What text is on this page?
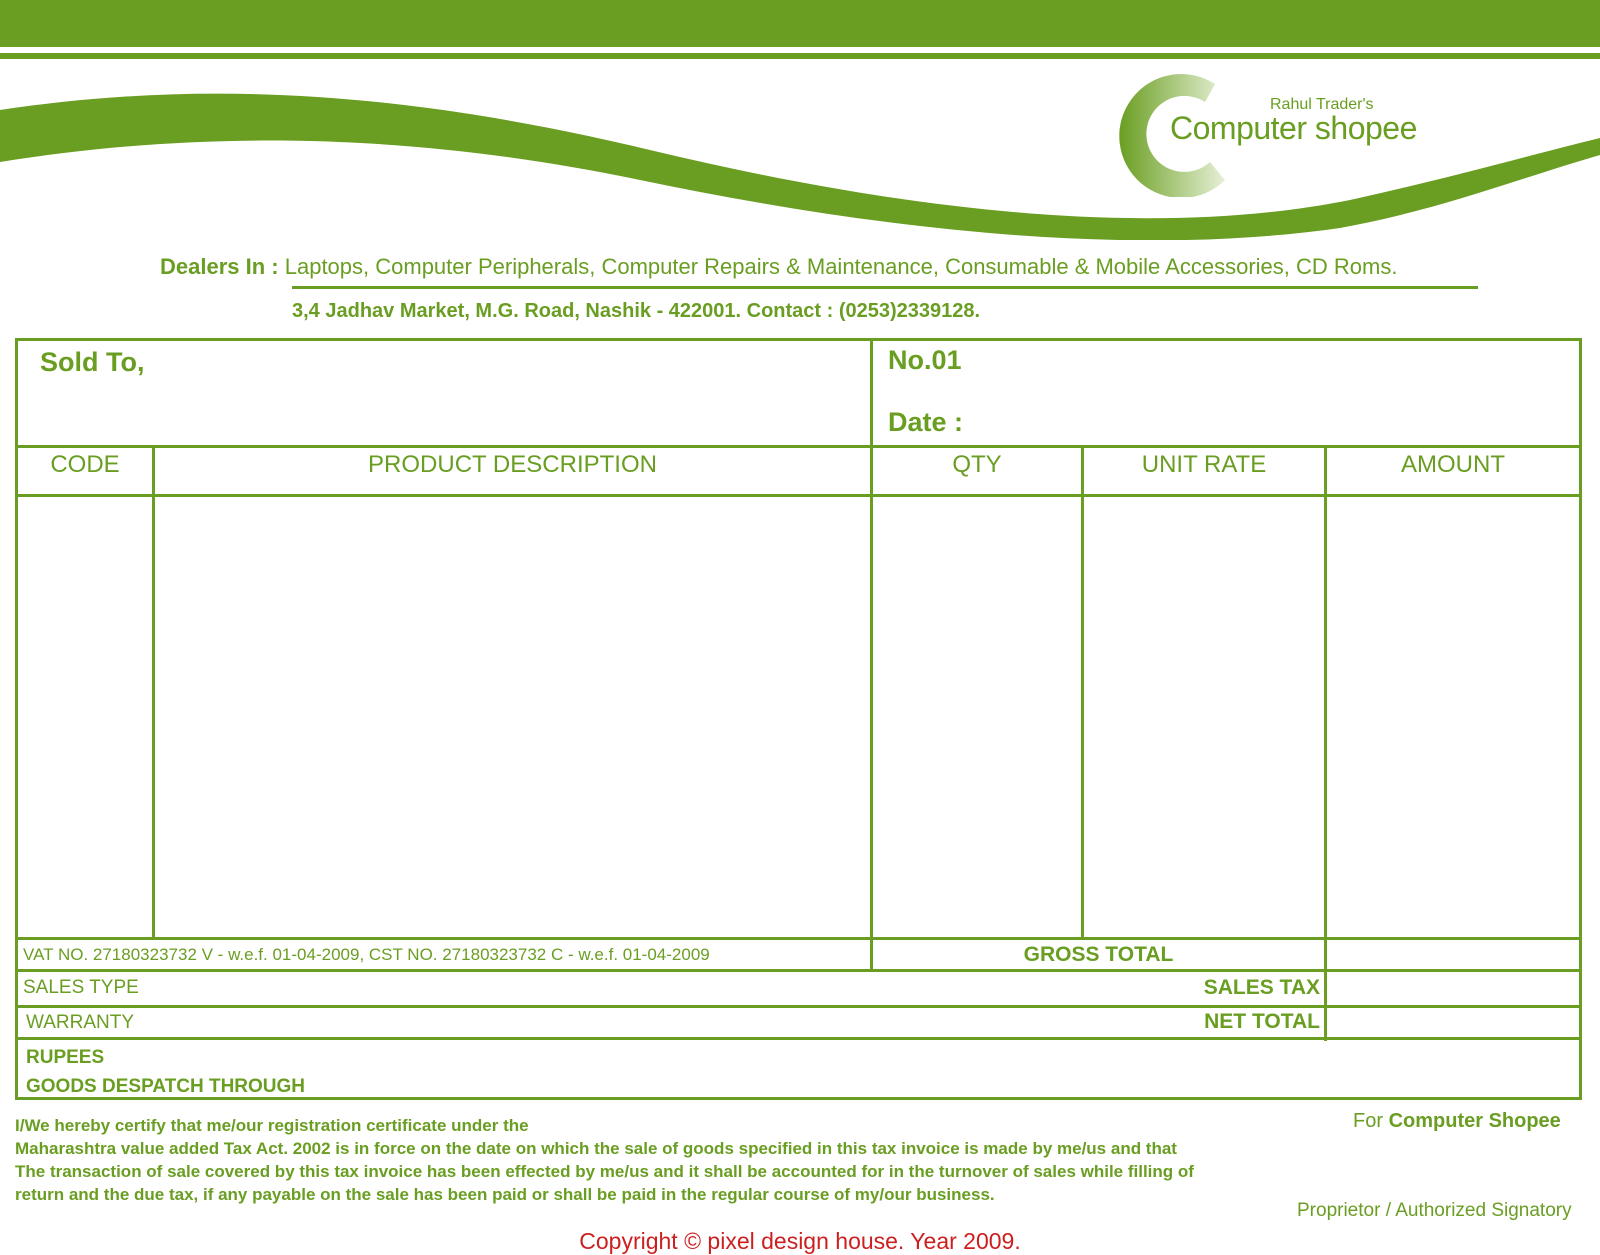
Rahul Trader's
Computer shopee
Dealers In : Laptops, Computer Peripherals, Computer Repairs & Maintenance, Consumable & Mobile Accessories, CD Roms.
3,4 Jadhav Market, M.G. Road, Nashik - 422001. Contact : (0253)2339128.
Sold To,	No.01
Date :
CODE	PRODUCT DESCRIPTION	QTY	UNIT RATE	AMOUNT
VAT NO. 27180323732 V - w.e.f. 01-04-2009, CST NO. 27180323732 C - w.e.f. 01-04-2009	GROSS TOTAL
SALES TYPE	SALES TAX
WARRANTY	NET TOTAL
RUPEES
GOODS DESPATCH THROUGH
I/We hereby certify that me/our registration certificate under the
Maharashtra value added Tax Act. 2002 is in force on the date on which the sale of goods specified in this tax invoice is made by me/us and that
The transaction of sale covered by this tax invoice has been effected by me/us and it shall be accounted for in the turnover of sales while filling of
return and the due tax, if any payable on the sale has been paid or shall be paid in the regular course of my/our business.
For Computer Shopee
Proprietor / Authorized Signatory
Copyright © pixel design house. Year 2009.
